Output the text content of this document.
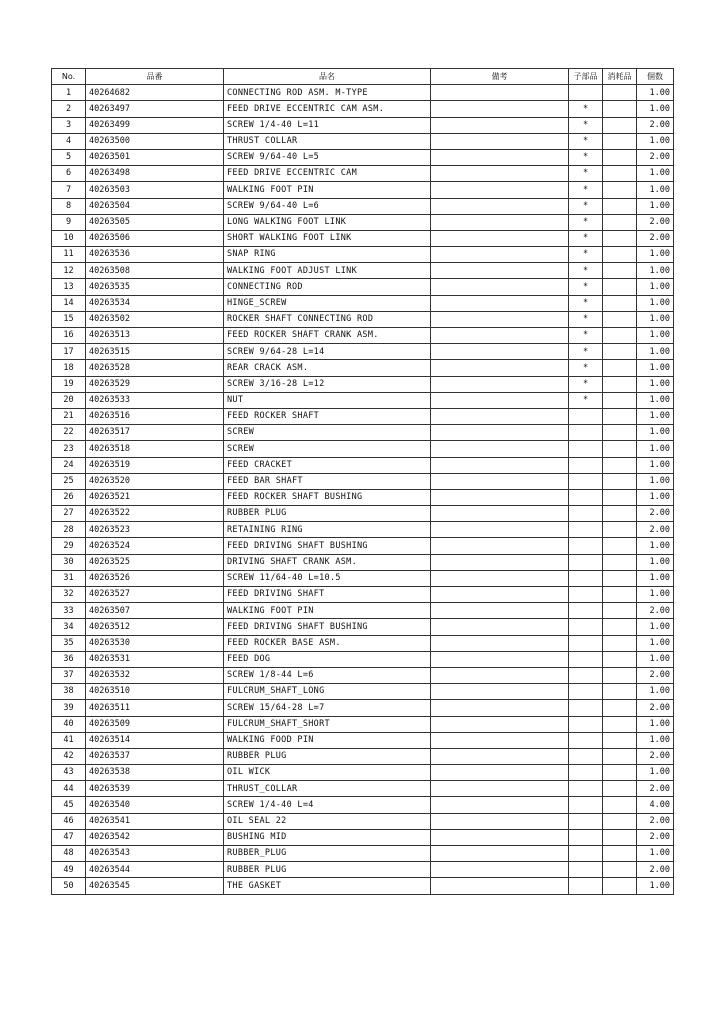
No.	品番	品名	備考	子部品	消耗品	個数
1	40264682	CONNECTING ROD ASM. M-TYPE				1.00
2	40263497	FEED DRIVE ECCENTRIC CAM ASM.		*		1.00
3	40263499	SCREW 1/4-40 L=11		*		2.00
4	40263500	THRUST COLLAR		*		1.00
5	40263501	SCREW 9/64-40 L=5		*		2.00
6	40263498	FEED DRIVE ECCENTRIC CAM		*		1.00
7	40263503	WALKING FOOT PIN		*		1.00
8	40263504	SCREW 9/64-40 L=6		*		1.00
9	40263505	LONG WALKING FOOT LINK		*		2.00
10	40263506	SHORT WALKING FOOT LINK		*		2.00
11	40263536	SNAP RING		*		1.00
12	40263508	WALKING FOOT ADJUST LINK		*		1.00
13	40263535	CONNECTING ROD		*		1.00
14	40263534	HINGE_SCREW		*		1.00
15	40263502	ROCKER SHAFT CONNECTING ROD		*		1.00
16	40263513	FEED ROCKER SHAFT CRANK ASM.		*		1.00
17	40263515	SCREW 9/64-28 L=14		*		1.00
18	40263528	REAR CRACK ASM.		*		1.00
19	40263529	SCREW 3/16-28 L=12		*		1.00
20	40263533	NUT		*		1.00
21	40263516	FEED ROCKER SHAFT				1.00
22	40263517	SCREW				1.00
23	40263518	SCREW				1.00
24	40263519	FEED CRACKET				1.00
25	40263520	FEED BAR SHAFT				1.00
26	40263521	FEED ROCKER SHAFT BUSHING				1.00
27	40263522	RUBBER PLUG				2.00
28	40263523	RETAINING RING				2.00
29	40263524	FEED DRIVING SHAFT BUSHING				1.00
30	40263525	DRIVING SHAFT CRANK ASM.				1.00
31	40263526	SCREW 11/64-40 L=10.5				1.00
32	40263527	FEED DRIVING SHAFT				1.00
33	40263507	WALKING FOOT PIN				2.00
34	40263512	FEED DRIVING SHAFT BUSHING				1.00
35	40263530	FEED ROCKER BASE ASM.				1.00
36	40263531	FEED DOG				1.00
37	40263532	SCREW 1/8-44 L=6				2.00
38	40263510	FULCRUM_SHAFT_LONG				1.00
39	40263511	SCREW 15/64-28 L=7				2.00
40	40263509	FULCRUM_SHAFT_SHORT				1.00
41	40263514	WALKING FOOD PIN				1.00
42	40263537	RUBBER PLUG				2.00
43	40263538	OIL WICK				1.00
44	40263539	THRUST_COLLAR				2.00
45	40263540	SCREW 1/4-40 L=4				4.00
46	40263541	OIL SEAL 22				2.00
47	40263542	BUSHING MID				2.00
48	40263543	RUBBER_PLUG				1.00
49	40263544	RUBBER PLUG				2.00
50	40263545	THE GASKET				1.00
